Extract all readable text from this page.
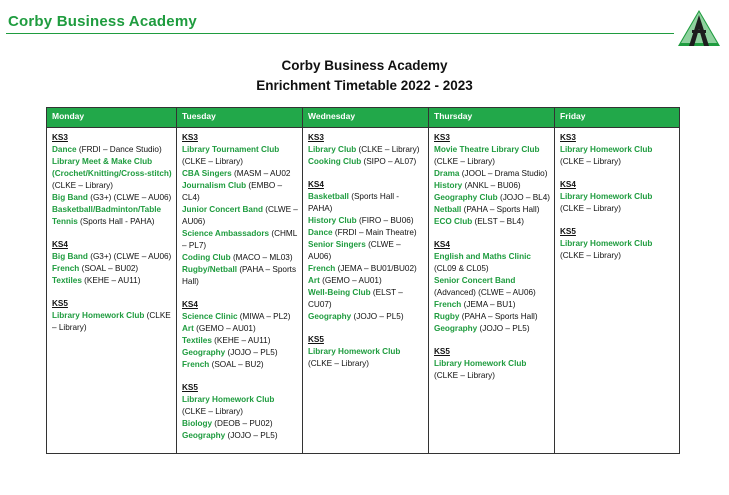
Corby Business Academy
Corby Business Academy
Enrichment Timetable 2022 - 2023
Monday
KS3
Dance (FRDI – Dance Studio)
Library Meet & Make Club (Crochet/Knitting/Cross-stitch) (CLKE – Library)
Big Band (G3+) (CLWE – AU06)
Basketball/Badminton/Table Tennis (Sports Hall - PAHA)
KS4
Big Band (G3+) (CLWE – AU06)
French (SOAL – BU02)
Textiles (KEHE – AU11)
KS5
Library Homework Club (CLKE – Library)
Tuesday
KS3
Library Tournament Club (CLKE – Library)
CBA Singers (MASM – AU02
Journalism Club (EMBO – CL4)
Junior Concert Band (CLWE – AU06)
Science Ambassadors (CHML – PL7)
Coding Club (MACO – ML03)
Rugby/Netball (PAHA – Sports Hall)
KS4
Science Clinic (MIWA – PL2)
Art (GEMO – AU01)
Textiles (KEHE – AU11)
Geography (JOJO – PL5)
French (SOAL – BU2)
KS5
Library Homework Club (CLKE – Library)
Biology (DEOB – PU02)
Geography (JOJO – PL5)
Wednesday
KS3
Library Club (CLKE – Library)
Cooking Club (SIPO – AL07)
KS4
Basketball (Sports Hall - PAHA)
History Club (FIRO – BU06)
Dance (FRDI – Main Theatre)
Senior Singers (CLWE – AU06)
French (JEMA – BU01/BU02)
Art (GEMO – AU01)
Well-Being Club (ELST – CU07)
Geography (JOJO – PL5)
KS5
Library Homework Club (CLKE – Library)
Thursday
KS3
Movie Theatre Library Club (CLKE – Library)
Drama (JOOL – Drama Studio)
History (ANKL – BU06)
Geography Club (JOJO – BL4)
Netball (PAHA – Sports Hall)
ECO Club (ELST – BL4)
KS4
English and Maths Clinic (CL09 & CL05)
Senior Concert Band (Advanced) (CLWE – AU06)
French (JEMA – BU1)
Rugby (PAHA – Sports Hall)
Geography (JOJO – PL5)
KS5
Library Homework Club (CLKE – Library)
Friday
KS3
Library Homework Club (CLKE – Library)
KS4
Library Homework Club (CLKE – Library)
KS5
Library Homework Club (CLKE – Library)
